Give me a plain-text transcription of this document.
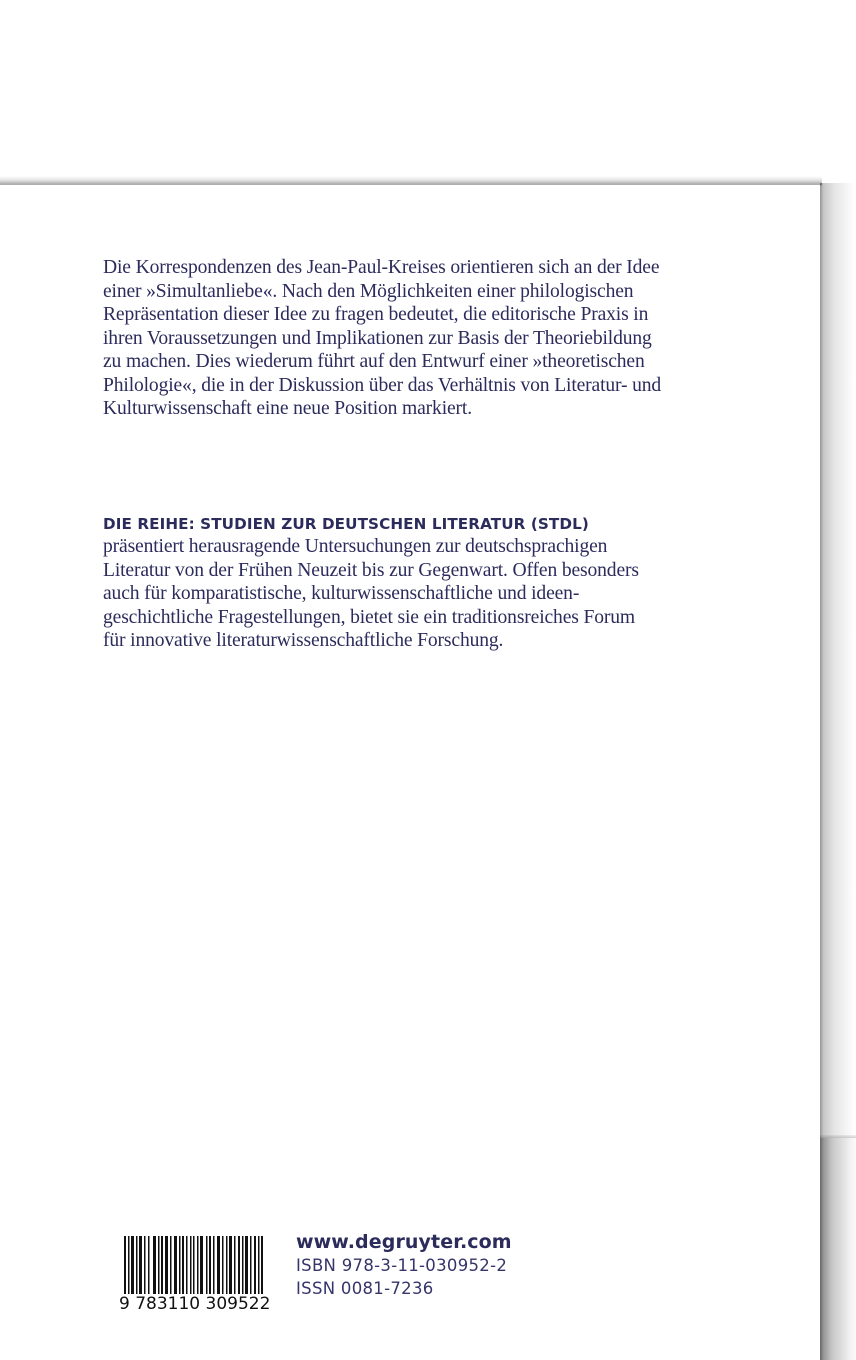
Die Korrespondenzen des Jean-Paul-Kreises orientieren sich an der Idee
einer »Simultanliebe«. Nach den Möglichkeiten einer philologischen
Repräsentation dieser Idee zu fragen bedeutet, die editorische Praxis in
ihren Voraussetzungen und Implikationen zur Basis der Theoriebildung
zu machen. Dies wiederum führt auf den Entwurf einer »theoretischen
Philologie«, die in der Diskussion über das Verhältnis von Literatur- und
Kulturwissenschaft eine neue Position markiert.
DIE REIHE: STUDIEN ZUR DEUTSCHEN LITERATUR (STDL)
präsentiert herausragende Untersuchungen zur deutschsprachigen
Literatur von der Frühen Neuzeit bis zur Gegenwart. Offen besonders
auch für komparatistische, kulturwissenschaftliche und ideen-
geschichtliche Fragestellungen, bietet sie ein traditionsreiches Forum
für innovative literaturwissenschaftliche Forschung.
9 783110 309522
www.degruyter.com
ISBN 978-3-11-030952-2
ISSN 0081-7236
